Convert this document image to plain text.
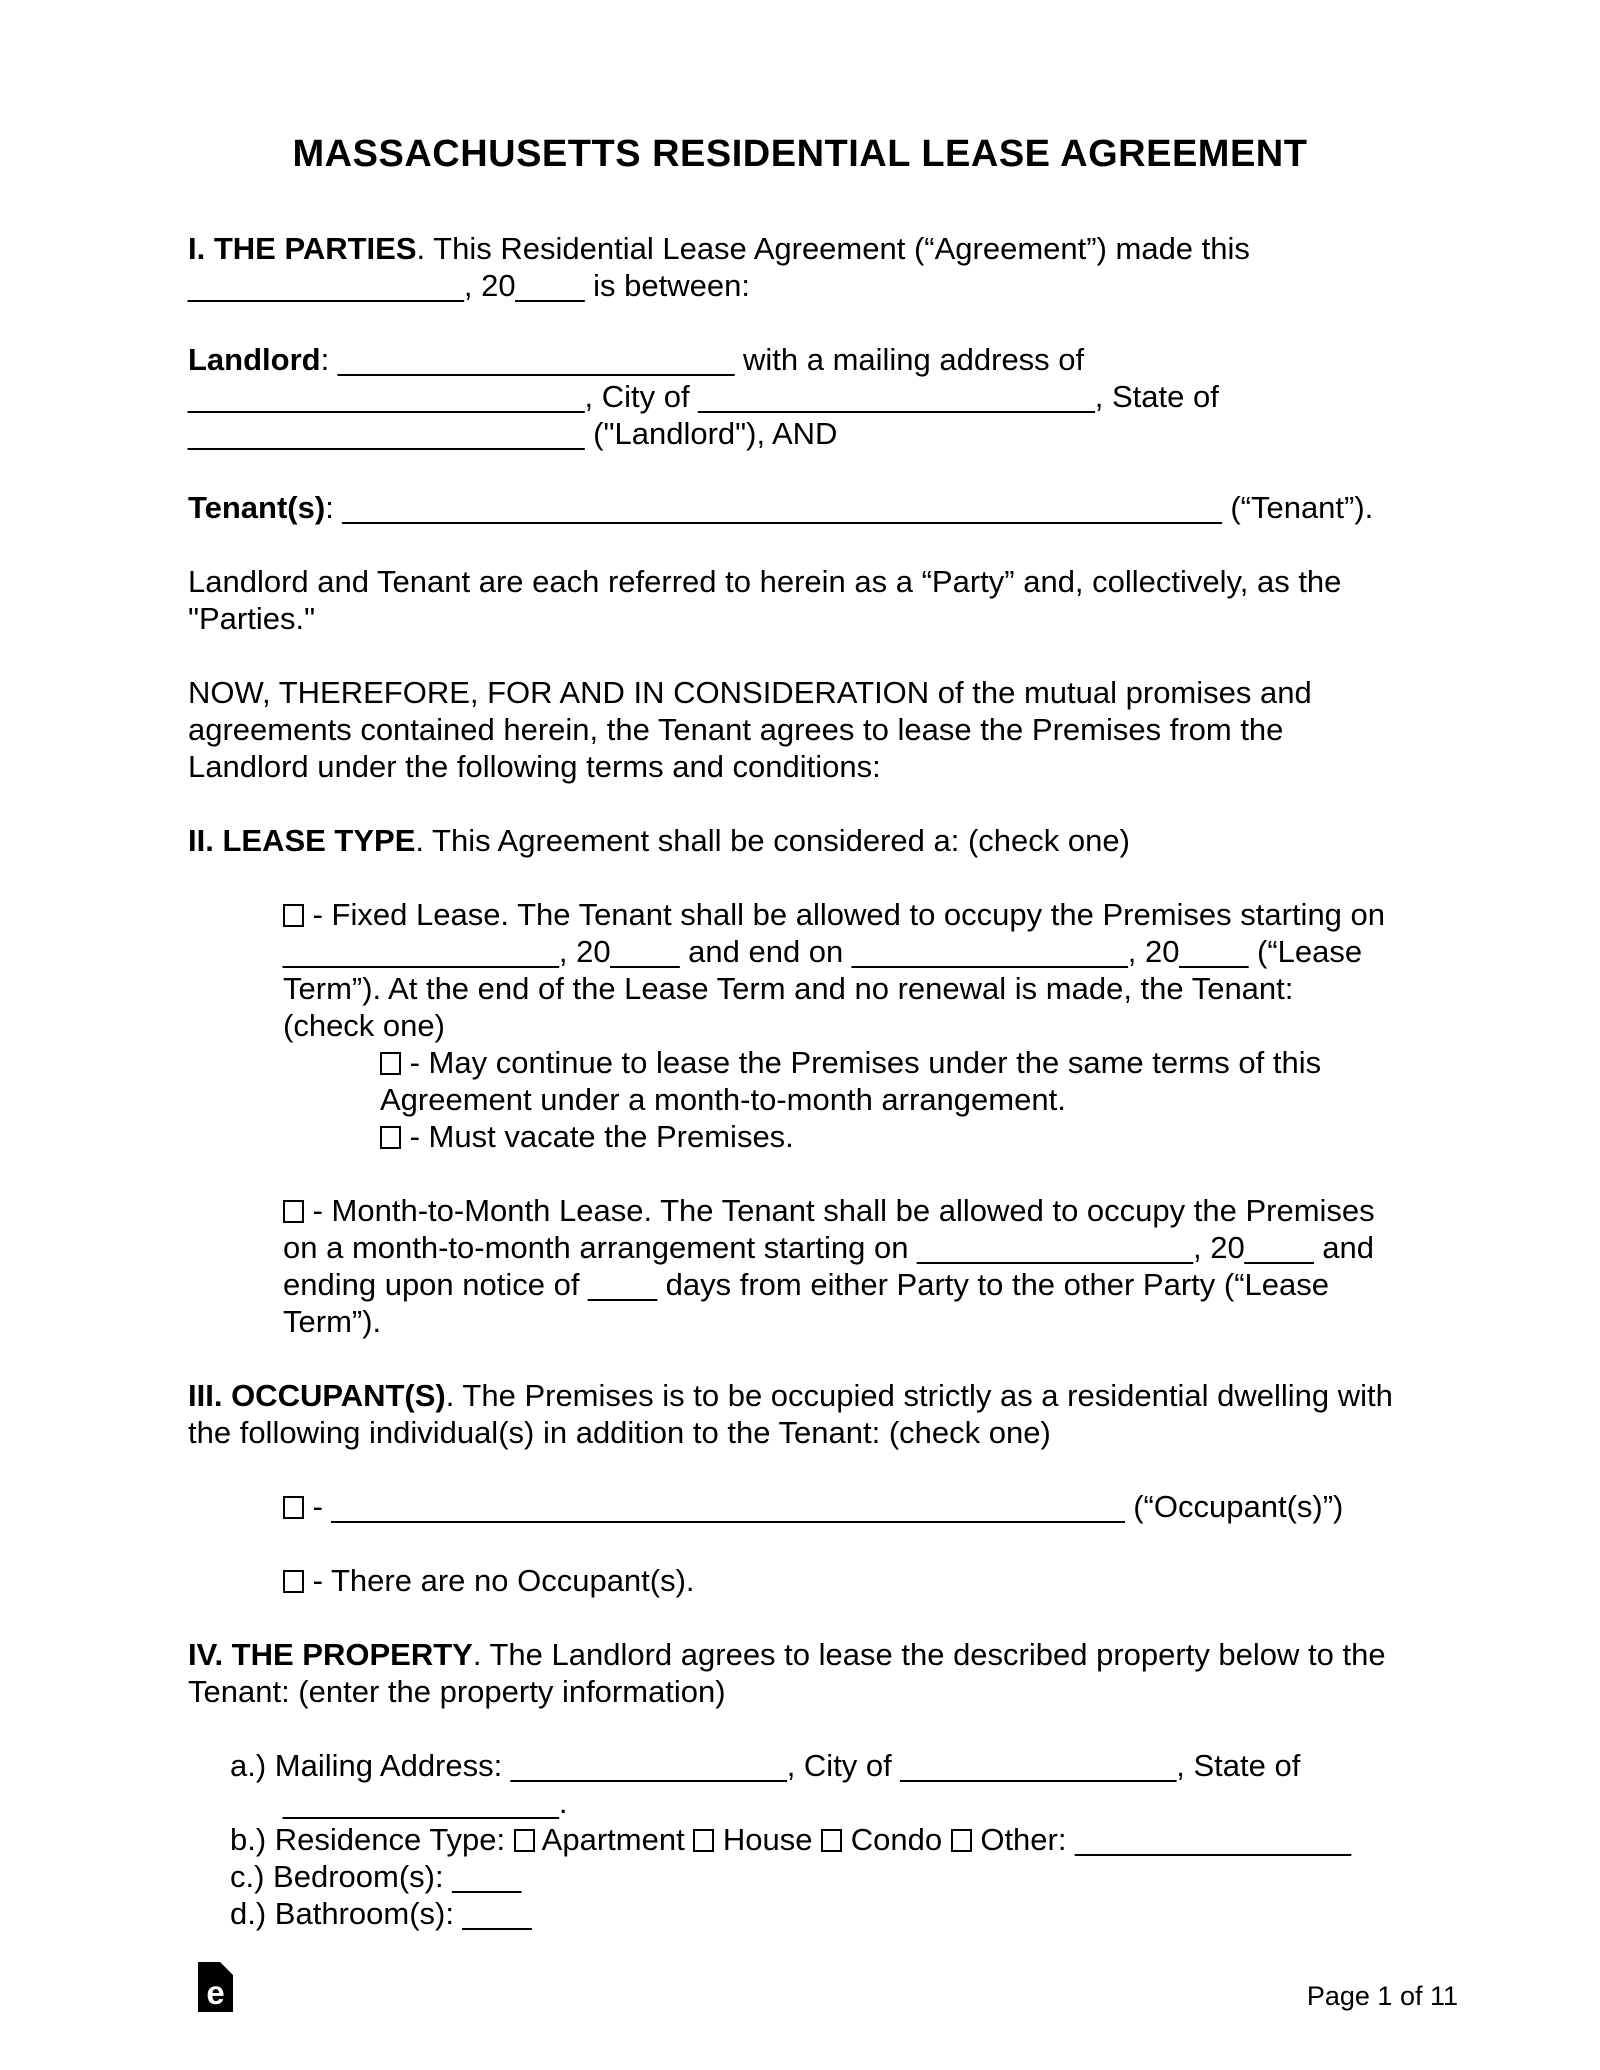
MASSACHUSETTS RESIDENTIAL LEASE AGREEMENT
I. THE PARTIES. This Residential Lease Agreement (“Agreement”) made this
________________, 20____ is between:
Landlord: _______________________ with a mailing address of
_______________________, City of _______________________, State of
_______________________ ("Landlord"), AND
Tenant(s): ___________________________________________________ (“Tenant”).
Landlord and Tenant are each referred to herein as a “Party” and, collectively, as the
"Parties."
NOW, THEREFORE, FOR AND IN CONSIDERATION of the mutual promises and
agreements contained herein, the Tenant agrees to lease the Premises from the
Landlord under the following terms and conditions:
II. LEASE TYPE. This Agreement shall be considered a: (check one)
- Fixed Lease. The Tenant shall be allowed to occupy the Premises starting on
________________, 20____ and end on ________________, 20____ (“Lease
Term”). At the end of the Lease Term and no renewal is made, the Tenant:
(check one)
- May continue to lease the Premises under the same terms of this
Agreement under a month-to-month arrangement.
- Must vacate the Premises.
- Month-to-Month Lease. The Tenant shall be allowed to occupy the Premises
on a month-to-month arrangement starting on ________________, 20____ and
ending upon notice of ____ days from either Party to the other Party (“Lease
Term”).
III. OCCUPANT(S). The Premises is to be occupied strictly as a residential dwelling with
the following individual(s) in addition to the Tenant: (check one)
- ______________________________________________ (“Occupant(s)”)
- There are no Occupant(s).
IV. THE PROPERTY. The Landlord agrees to lease the described property below to the
Tenant: (enter the property information)
a.) Mailing Address: ________________, City of ________________, State of
________________.
b.) Residence Type:  Apartment  House  Condo  Other: ________________
c.) Bedroom(s): ____
d.) Bathroom(s): ____
e	Page 1 of 11
